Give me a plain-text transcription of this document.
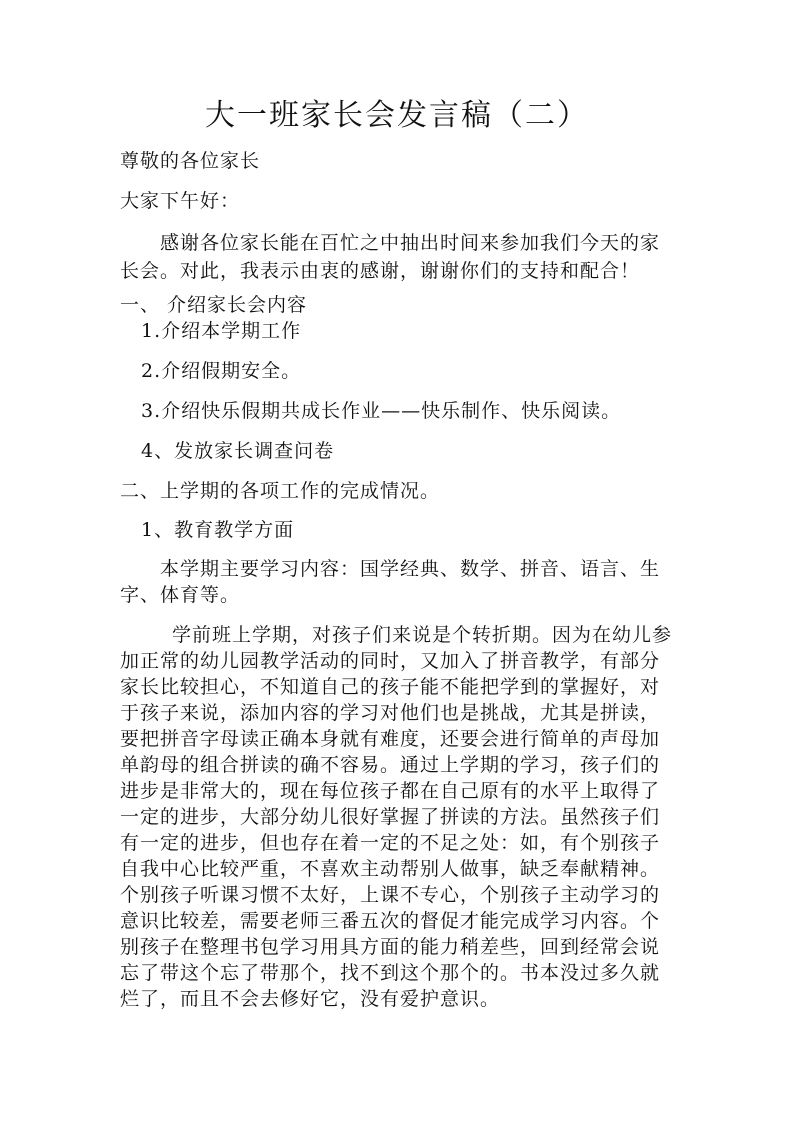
大一班家长会发言稿（二）
尊敬的各位家长
大家下午好：
感谢各位家长能在百忙之中抽出时间来参加我们今天的家
长会。对此，我表示由衷的感谢，谢谢你们的支持和配合！
一、 介绍家长会内容
1.介绍本学期工作
2.介绍假期安全。
3.介绍快乐假期共成长作业——快乐制作、快乐阅读。
4、发放家长调查问卷
二、上学期的各项工作的完成情况。
1、教育教学方面
本学期主要学习内容：国学经典、数学、拼音、语言、生
字、体育等。
学前班上学期，对孩子们来说是个转折期。因为在幼儿参
加正常的幼儿园教学活动的同时，又加入了拼音教学，有部分
家长比较担心，不知道自己的孩子能不能把学到的掌握好，对
于孩子来说，添加内容的学习对他们也是挑战，尤其是拼读，
要把拼音字母读正确本身就有难度，还要会进行简单的声母加
单韵母的组合拼读的确不容易。通过上学期的学习，孩子们的
进步是非常大的，现在每位孩子都在自己原有的水平上取得了
一定的进步，大部分幼儿很好掌握了拼读的方法。虽然孩子们
有一定的进步，但也存在着一定的不足之处：如，有个别孩子
自我中心比较严重，不喜欢主动帮别人做事，缺乏奉献精神。
个别孩子听课习惯不太好，上课不专心，个别孩子主动学习的
意识比较差，需要老师三番五次的督促才能完成学习内容。个
别孩子在整理书包学习用具方面的能力稍差些，回到经常会说
忘了带这个忘了带那个，找不到这个那个的。书本没过多久就
烂了，而且不会去修好它，没有爱护意识。
